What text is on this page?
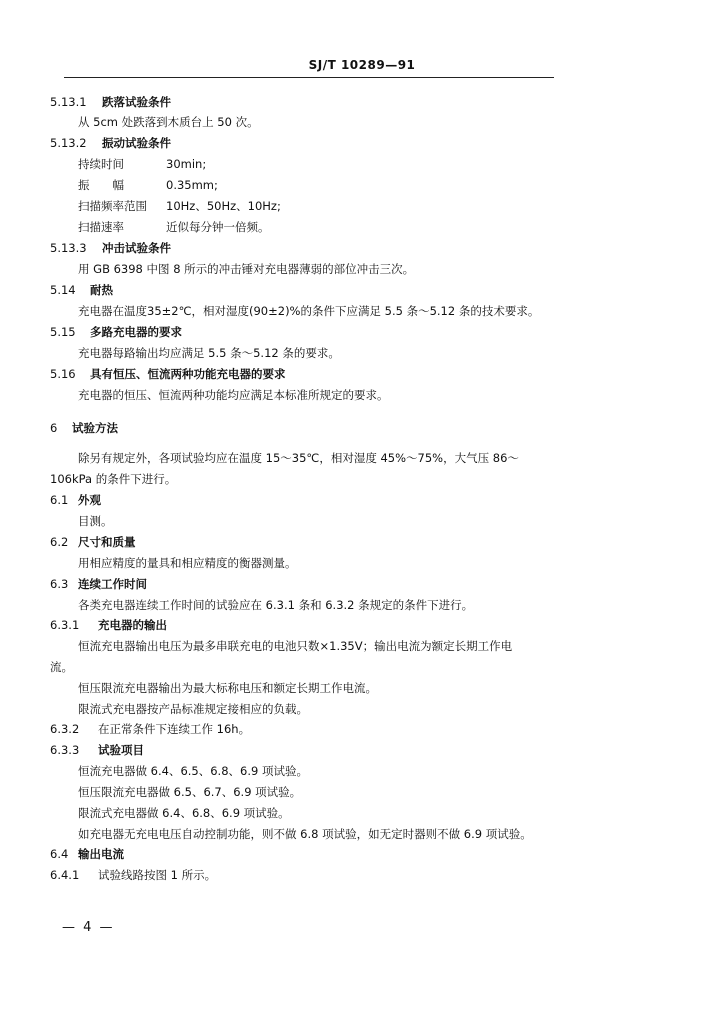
SJ/T 10289—91
5.13.1 跌落试验条件
从 5cm 处跌落到木质台上 50 次。
5.13.2 振动试验条件
持续时间	30min;
振　　幅	0.35mm;
扫描频率范围 10Hz、50Hz、10Hz;
扫描速率	近似每分钟一倍频。
5.13.3 冲击试验条件
用 GB 6398 中图 8 所示的冲击锤对充电器薄弱的部位冲击三次。
5.14 耐热
充电器在温度35±2℃，相对湿度(90±2)%的条件下应满足 5.5 条～5.12 条的技术要求。
5.15 多路充电器的要求
充电器每路输出均应满足 5.5 条～5.12 条的要求。
5.16 具有恒压、恒流两种功能充电器的要求
充电器的恒压、恒流两种功能均应满足本标准所规定的要求。
6 试验方法
除另有规定外，各项试验均应在温度 15～35℃，相对湿度 45%～75%，大气压 86～
106kPa 的条件下进行。
6.1 外观
目测。
6.2 尺寸和质量
用相应精度的量具和相应精度的衡器测量。
6.3 连续工作时间
各类充电器连续工作时间的试验应在 6.3.1 条和 6.3.2 条规定的条件下进行。
6.3.1 充电器的输出
恒流充电器输出电压为最多串联充电的电池只数×1.35V；输出电流为额定长期工作电
流。
恒压限流充电器输出为最大标称电压和额定长期工作电流。
限流式充电器按产品标准规定接相应的负载。
6.3.2 在正常条件下连续工作 16h。
6.3.3 试验项目
恒流充电器做 6.4、6.5、6.8、6.9 项试验。
恒压限流充电器做 6.5、6.7、6.9 项试验。
限流式充电器做 6.4、6.8、6.9 项试验。
如充电器无充电电压自动控制功能，则不做 6.8 项试验，如无定时器则不做 6.9 项试验。
6.4 输出电流
6.4.1 试验线路按图 1 所示。
— 4 —
